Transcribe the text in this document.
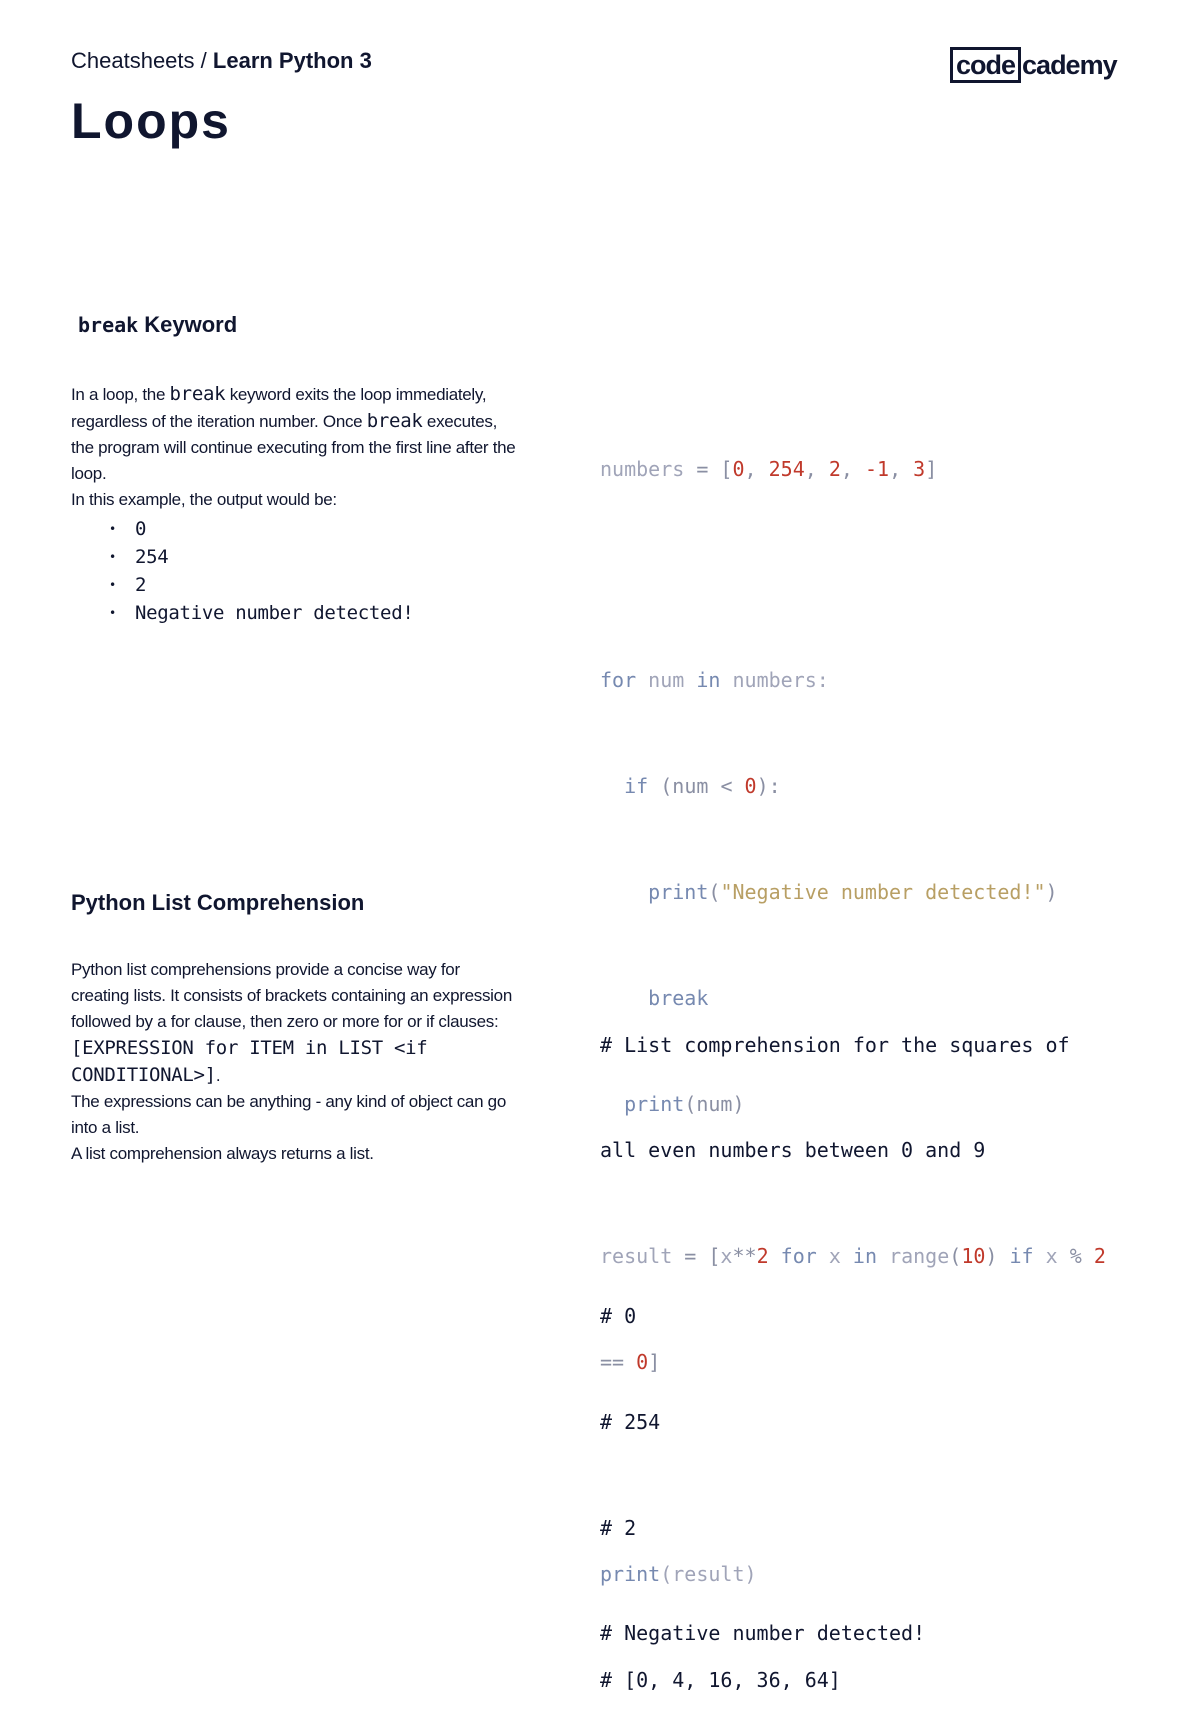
Cheatsheets / Learn Python 3	code cademy
Loops
break Keyword

In a loop, the break keyword exits the loop immediately, regardless of the iteration number. Once break executes, the program will continue executing from the first line after the loop.

In this example, the output would be:

• 0
• 254
• 2
• Negative number detected!

numbers = [0, 254, 2, -1, 3]

for num in numbers:

if (num < 0):

print("Negative number detected!")

break

print(num)

# 0

# 254

# 2

# Negative number detected!

Python List Comprehension

Python list comprehensions provide a concise way for creating lists. It consists of brackets containing an expression followed by a for clause, then zero or more for or if clauses: [EXPRESSION for ITEM in LIST <if CONDITIONAL>].

The expressions can be anything - any kind of object can go into a list.

A list comprehension always returns a list.

# List comprehension for the squares of

all even numbers between 0 and 9

result = [x**2 for x in range(10) if x % 2

== 0]

print(result)

# [0, 4, 16, 36, 64]
